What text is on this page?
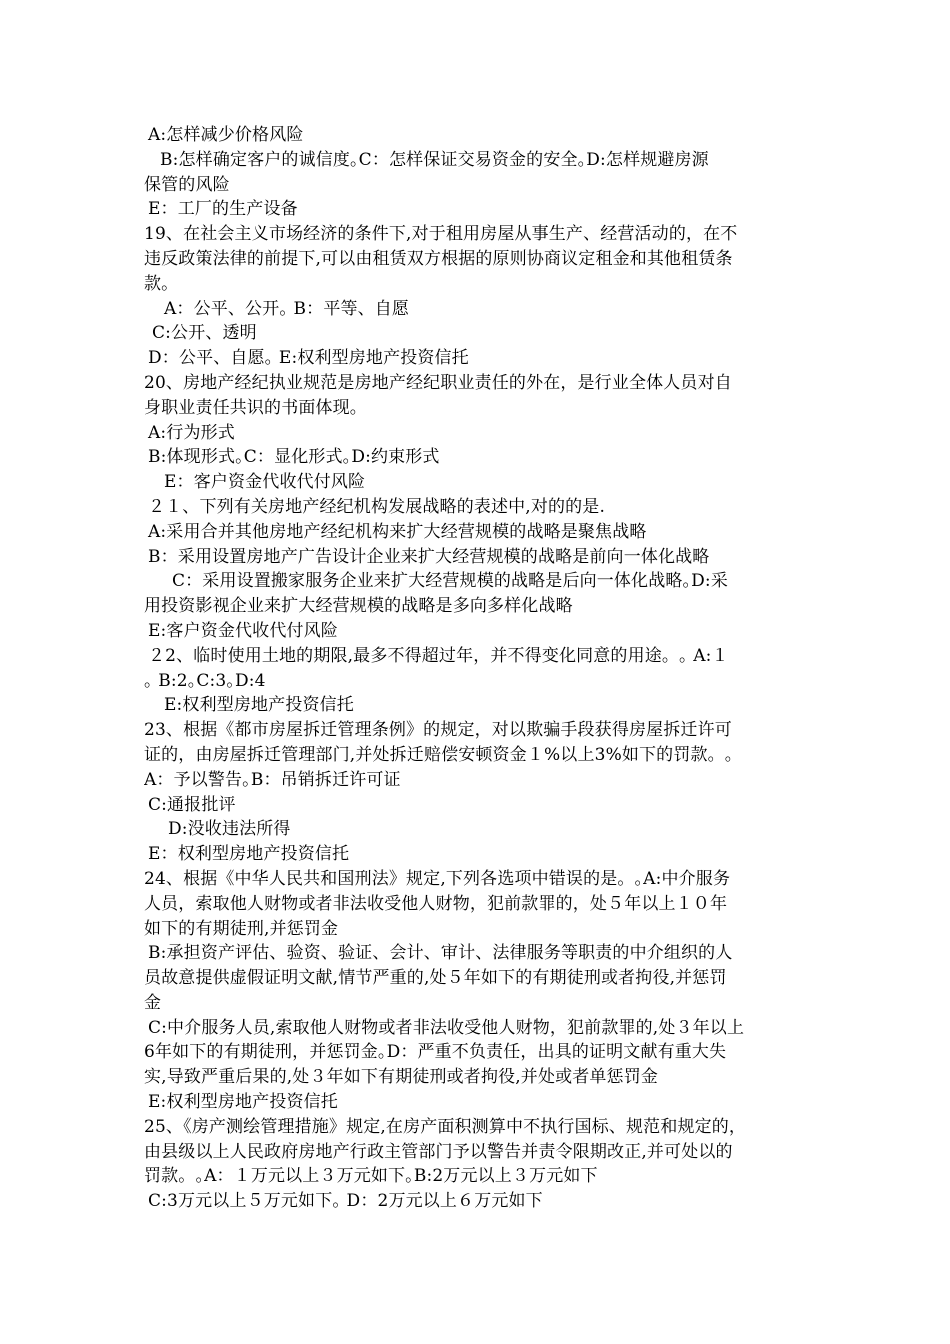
A:怎样减少价格风险
B:怎样确定客户的诚信度｡C：怎样保证交易资金的安全｡D:怎样规避房源
保管的风险
E：工厂的生产设备
19、在社会主义市场经济的条件下,对于租用房屋从事生产、经营活动的，在不
违反政策法律的前提下,可以由租赁双方根据的原则协商议定租金和其他租赁条
款。
A：公平、公开｡ B：平等、自愿
C:公开、透明
D：公平、自愿｡ E:权利型房地产投资信托
20、房地产经纪执业规范是房地产经纪职业责任的外在，是行业全体人员对自
身职业责任共识的书面体现。
A:行为形式
B:体现形式｡C：显化形式｡D:约束形式
E：客户资金代收代付风险
２１、下列有关房地产经纪机构发展战略的表述中,对的的是.
A:采用合并其他房地产经纪机构来扩大经营规模的战略是聚焦战略
B：采用设置房地产广告设计企业来扩大经营规模的战略是前向一体化战略
C：采用设置搬家服务企业来扩大经营规模的战略是后向一体化战略｡D:采
用投资影视企业来扩大经营规模的战略是多向多样化战略
E:客户资金代收代付风险
２2、临时使用土地的期限,最多不得超过年，并不得变化同意的用途。｡ A:１
｡ B:2｡C:3｡D:4
E:权利型房地产投资信托
23、根据《都市房屋拆迁管理条例》的规定，对以欺骗手段获得房屋拆迁许可
证的，由房屋拆迁管理部门,并处拆迁赔偿安顿资金１%以上3%如下的罚款。｡
A：予以警告｡B：吊销拆迁许可证
C:通报批评
D:没收违法所得
E：权利型房地产投资信托
24、根据《中华人民共和国刑法》规定,下列各选项中错误的是。｡A:中介服务
人员，索取他人财物或者非法收受他人财物，犯前款罪的，处５年以上１０年
如下的有期徒刑,并惩罚金
B:承担资产评估、验资、验证、会计、审计、法律服务等职责的中介组织的人
员故意提供虚假证明文献,情节严重的,处５年如下的有期徒刑或者拘役,并惩罚
金
C:中介服务人员,索取他人财物或者非法收受他人财物，犯前款罪的,处３年以上
6年如下的有期徒刑，并惩罚金｡D：严重不负责任，出具的证明文献有重大失
实,导致严重后果的,处３年如下有期徒刑或者拘役,并处或者单惩罚金
E:权利型房地产投资信托
25、《房产测绘管理措施》规定,在房产面积测算中不执行国标、规范和规定的，
由县级以上人民政府房地产行政主管部门予以警告并责令限期改正,并可处以的
罚款。｡A：１万元以上３万元如下｡B:2万元以上３万元如下
C:3万元以上５万元如下｡ D：2万元以上６万元如下
